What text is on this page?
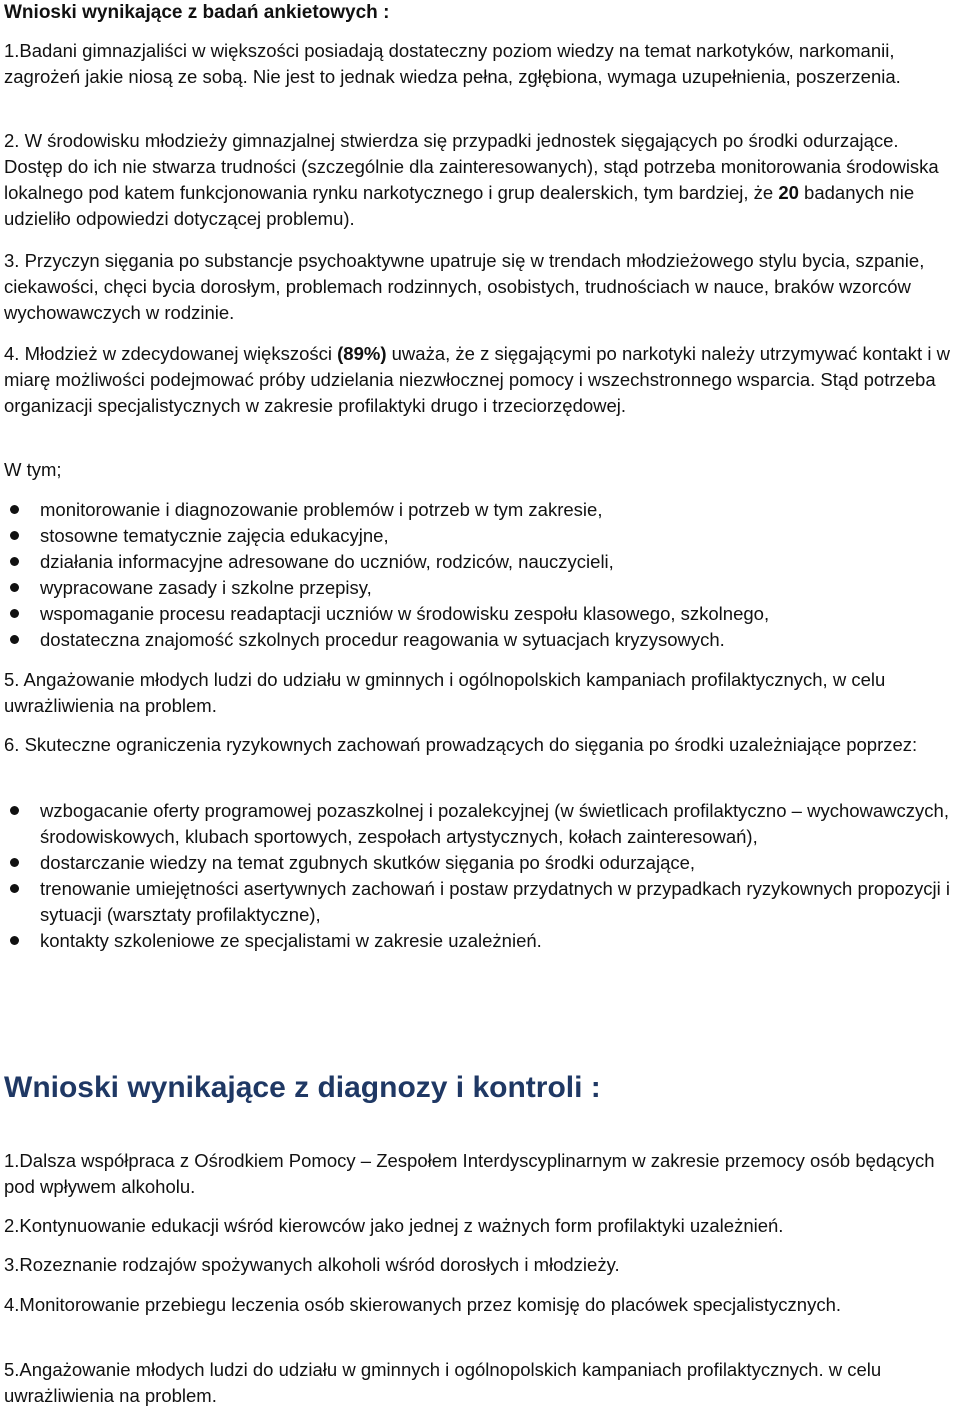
Wnioski wynikające z badań ankietowych :

1.Badani gimnazjaliści w większości posiadają dostateczny poziom wiedzy na temat narkotyków, narkomanii, zagrożeń jakie niosą ze sobą. Nie jest to jednak wiedza pełna, zgłębiona, wymaga uzupełnienia, poszerzenia.

2. W środowisku młodzieży gimnazjalnej stwierdza się przypadki jednostek sięgających po środki odurzające. Dostęp do ich nie stwarza trudności (szczególnie dla zainteresowanych), stąd potrzeba monitorowania środowiska lokalnego pod katem funkcjonowania rynku narkotycznego i grup dealerskich, tym bardziej, że 20 badanych nie udzieliło odpowiedzi dotyczącej problemu).

3. Przyczyn sięgania po substancje psychoaktywne upatruje się w trendach młodzieżowego stylu bycia, szpanie, ciekawości, chęci bycia dorosłym, problemach rodzinnych, osobistych, trudnościach w nauce, braków wzorców wychowawczych w rodzinie.

4. Młodzież w zdecydowanej większości (89%) uważa, że z sięgającymi po narkotyki należy utrzymywać kontakt i w miarę możliwości podejmować próby udzielania niezwłocznej pomocy i wszechstronnego wsparcia. Stąd potrzeba organizacji specjalistycznych w zakresie profilaktyki drugo i trzeciorzędowej.

W tym;

monitorowanie i diagnozowanie problemów i potrzeb w tym zakresie,
stosowne tematycznie zajęcia edukacyjne,
działania informacyjne adresowane do uczniów, rodziców, nauczycieli,
wypracowane zasady i szkolne przepisy,
wspomaganie procesu readaptacji uczniów w środowisku zespołu klasowego, szkolnego,
dostateczna znajomość szkolnych procedur reagowania w sytuacjach kryzysowych.

5. Angażowanie młodych ludzi do udziału w gminnych i ogólnopolskich kampaniach profilaktycznych, w celu uwrażliwienia na problem.

6. Skuteczne ograniczenia ryzykownych zachowań prowadzących do sięgania po środki uzależniające poprzez:

wzbogacanie oferty programowej pozaszkolnej i pozalekcyjnej (w świetlicach profilaktyczno – wychowawczych, środowiskowych, klubach sportowych, zespołach artystycznych, kołach zainteresowań),
dostarczanie wiedzy na temat zgubnych skutków sięgania po środki odurzające,
trenowanie umiejętności asertywnych zachowań i postaw przydatnych w przypadkach ryzykownych propozycji i sytuacji (warsztaty profilaktyczne),
kontakty szkoleniowe ze specjalistami w zakresie uzależnień.
Wnioski wynikające z diagnozy i kontroli :

1.Dalsza współpraca z Ośrodkiem Pomocy – Zespołem Interdyscyplinarnym w zakresie przemocy osób będących pod wpływem alkoholu.

2.Kontynuowanie edukacji wśród kierowców jako jednej z ważnych form profilaktyki uzależnień.

3.Rozeznanie rodzajów spożywanych alkoholi wśród dorosłych i młodzieży.

4.Monitorowanie przebiegu leczenia osób skierowanych przez komisję do placówek specjalistycznych.

5.Angażowanie młodych ludzi do udziału w gminnych i ogólnopolskich kampaniach profilaktycznych. w celu uwrażliwienia na problem.
